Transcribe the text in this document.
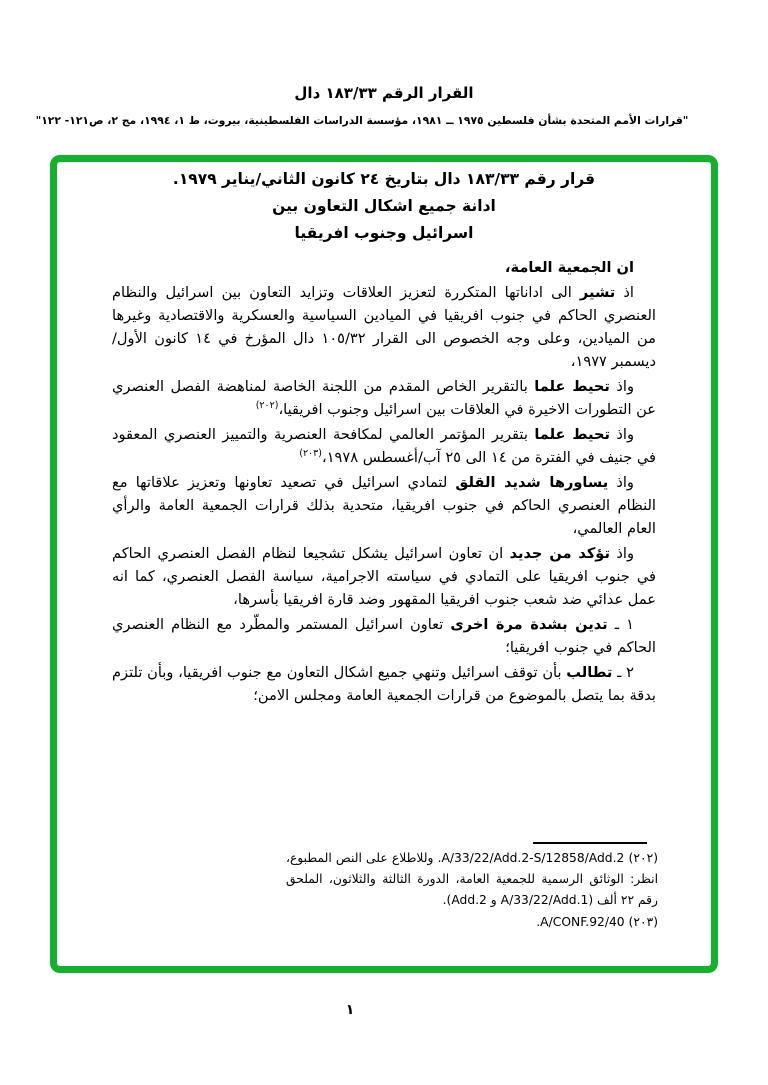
القرار الرقم ١٨٣/٣٣ دال
"قرارات الأمم المتحدة بشأن فلسطين ١٩٧٥ ــ ١٩٨١، مؤسسة الدراسات الفلسطينية، بيروت، ط ١، ١٩٩٤، مج ٢، ص١٢١- ١٢٢"
قرار رقم ١٨٣/٣٣ دال بتاريخ ٢٤ كانون الثاني/يناير ١٩٧٩.
ادانة جميع اشكال التعاون بين
اسرائيل وجنوب افريقيا

ان الجمعية العامة،

اذ تشير الى اداناتها المتكررة لتعزيز العلاقات وتزايد التعاون بين اسرائيل والنظام العنصري الحاكم في جنوب افريقيا في الميادين السياسية والعسكرية والاقتصادية وغيرها من الميادين، وعلى وجه الخصوص الى القرار ١٠٥/٣٢ دال المؤرخ في ١٤ كانون الأول/ديسمبر ١٩٧٧،

واذ تحيط علما بالتقرير الخاص المقدم من اللجنة الخاصة لمناهضة الفصل العنصري عن التطورات الاخيرة في العلاقات بين اسرائيل وجنوب افريقيا،$^{(٢٠٢)}$

واذ تحيط علما بتقرير المؤتمر العالمي لمكافحة العنصرية والتمييز العنصري المعقود في جنيف في الفترة من ١٤ الى ٢٥ آب/أغسطس ١٩٧٨،$^{(٢٠٣)}$

واذ يساورها شديد القلق لتمادي اسرائيل في تصعيد تعاونها وتعزيز علاقاتها مع النظام العنصري الحاكم في جنوب افريقيا، متحدية بذلك قرارات الجمعية العامة والرأي العام العالمي،

واذ تؤكد من جديد ان تعاون اسرائيل يشكل تشجيعا لنظام الفصل العنصري الحاكم في جنوب افريقيا على التمادي في سياسته الاجرامية، سياسة الفصل العنصري، كما انه عمل عدائي ضد شعب جنوب افريقيا المقهور وضد قارة افريقيا بأسرها،

١ ـ تدين بشدة مرة اخرى تعاون اسرائيل المستمر والمطّرد مع النظام العنصري الحاكم في جنوب افريقيا؛

٢ ـ تطالب بأن توقف اسرائيل وتنهي جميع اشكال التعاون مع جنوب افريقيا، وبأن تلتزم بدقة بما يتصل بالموضوع من قرارات الجمعية العامة ومجلس الامن؛

(٢٠٢) A/33/22/Add.2-S/12858/Add.2. وللاطلاع على النص المطبوع، انظر: الوثائق الرسمية للجمعية العامة، الدورة الثالثة والثلاثون، الملحق رقم ٢٢ ألف (A/33/22/Add.1 و Add.2).

(٢٠٣) A/CONF.92/40.

١
